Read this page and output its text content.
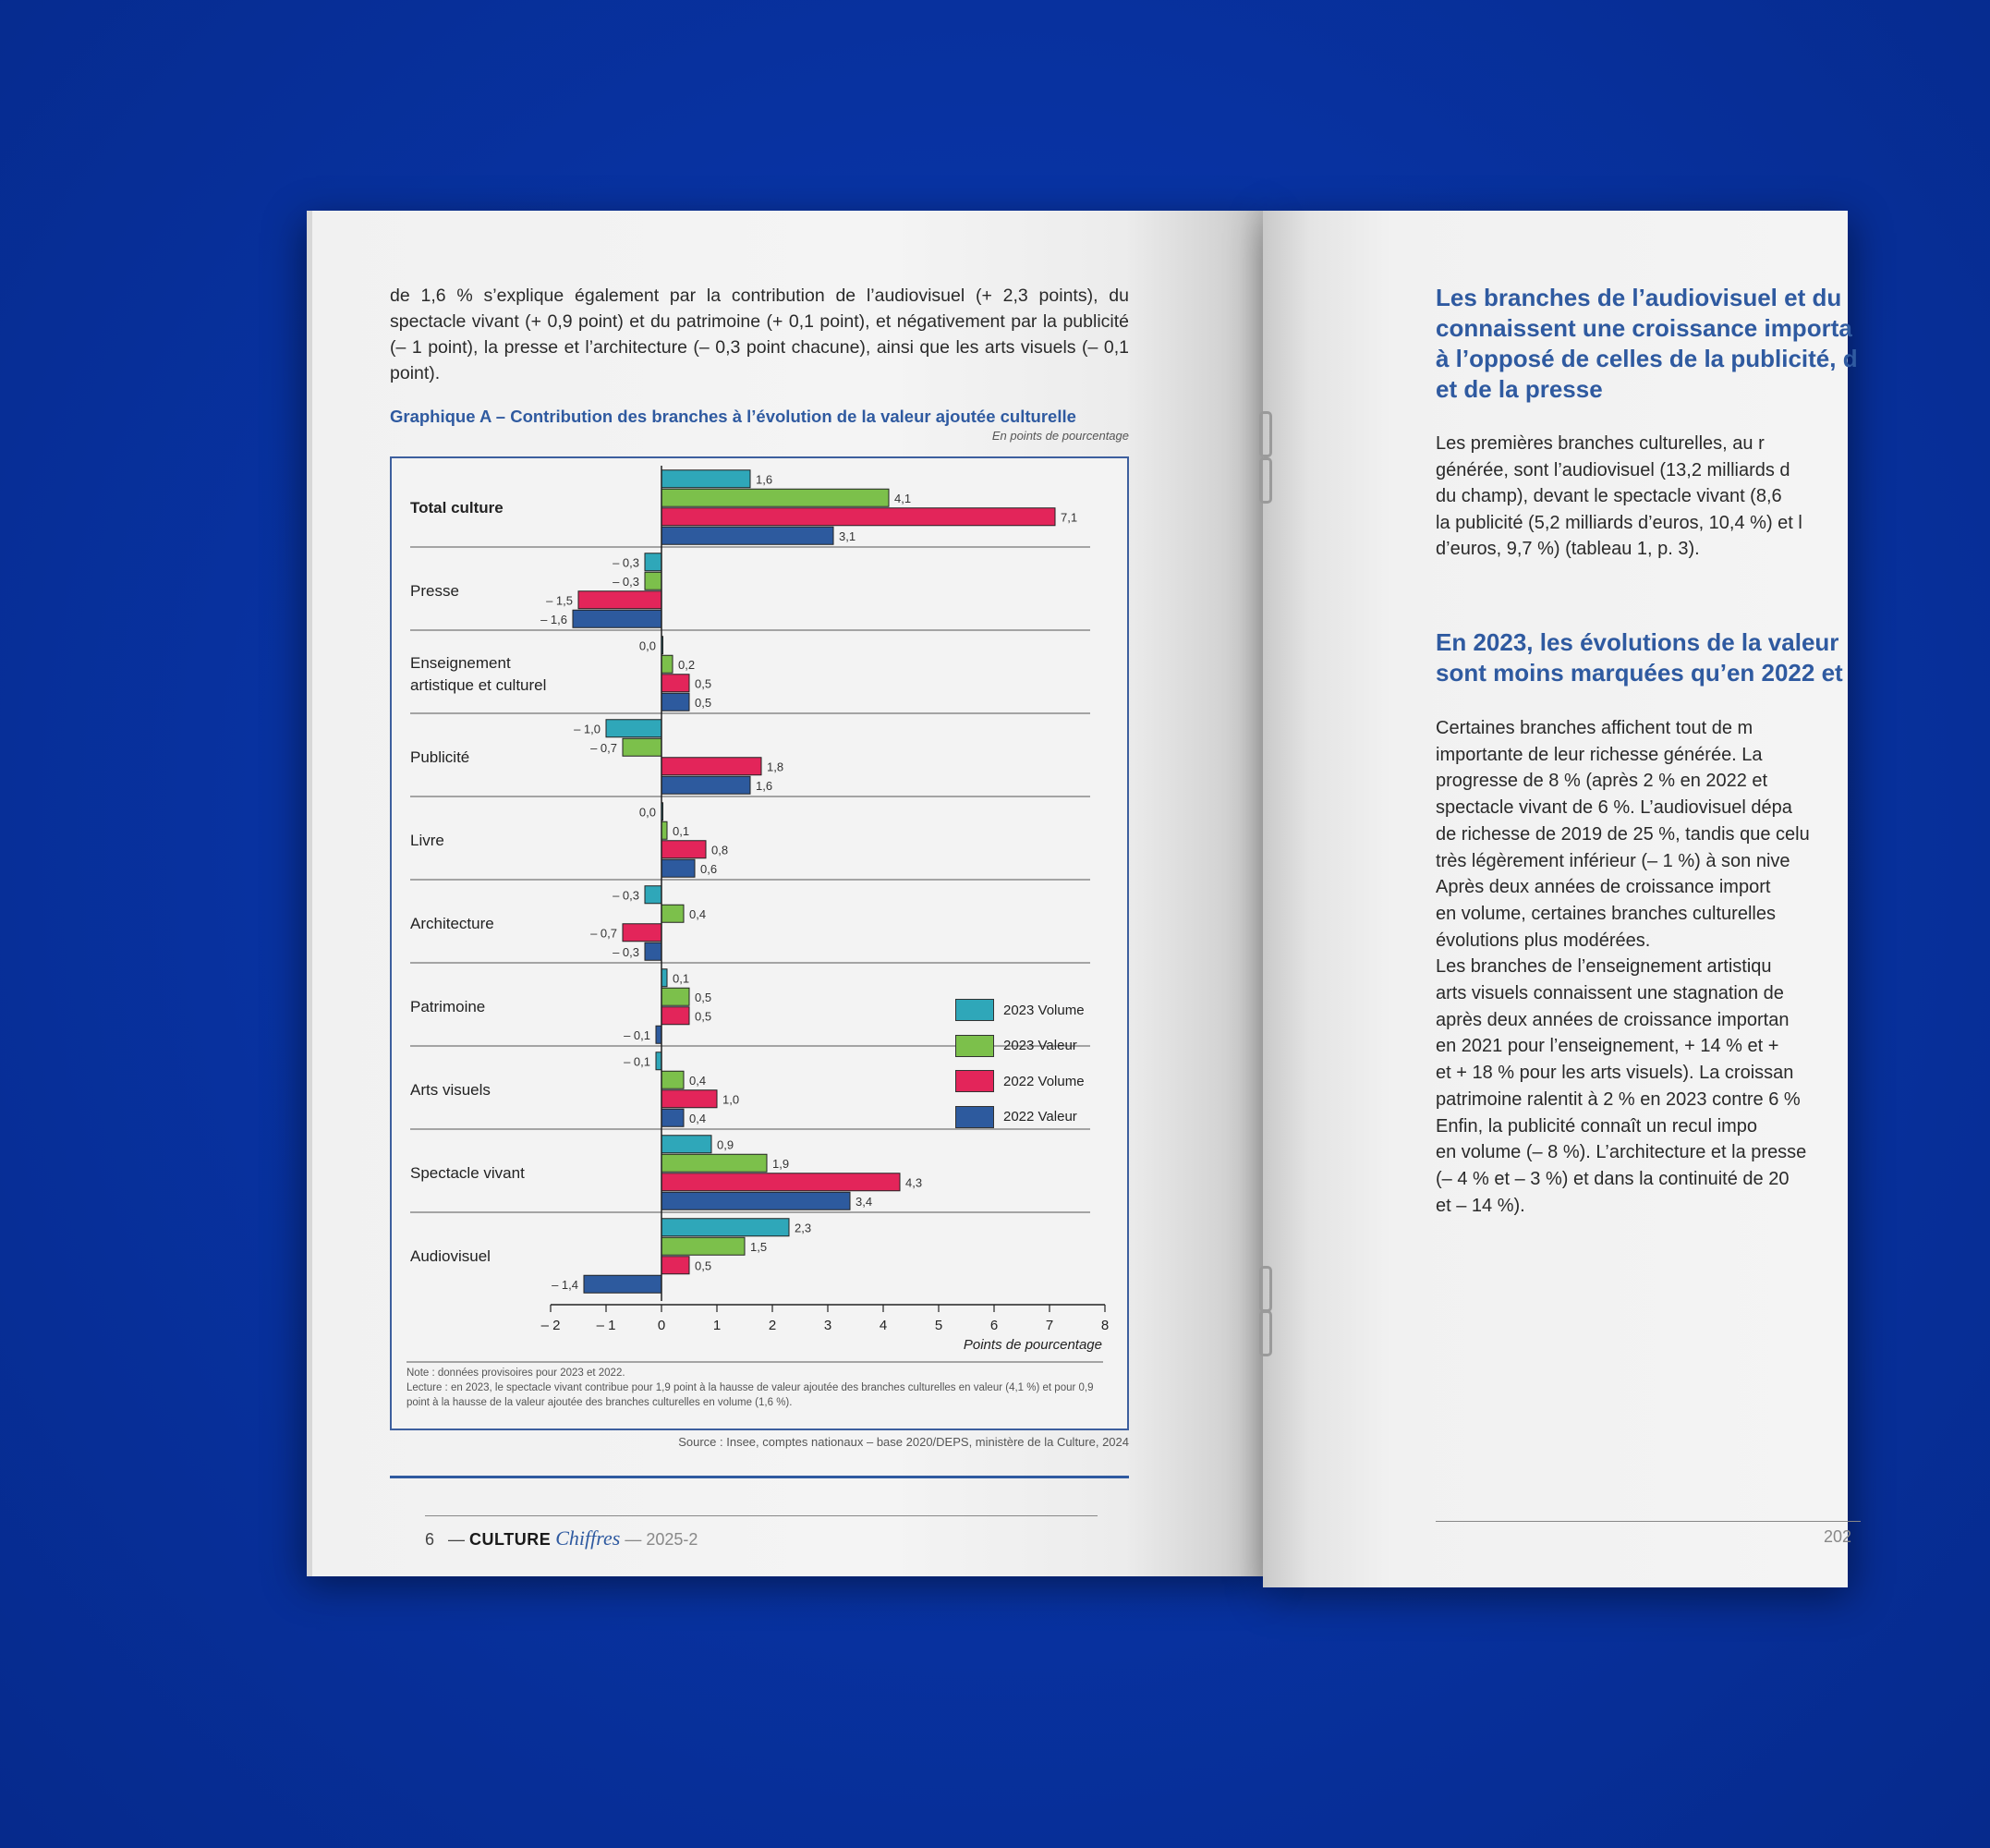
de 1,6 % s’explique également par la contribution de l’audiovisuel (+ 2,3 points), du spectacle vivant (+ 0,9 point) et du patrimoine (+ 0,1 point), et négativement par la publicité (– 1 point), la presse et l’architecture (– 0,3 point chacune), ainsi que les arts visuels (– 0,1 point).
Graphique A – Contribution des branches à l’évolution de la valeur ajoutée culturelle
En points de pourcentage
Total culture
1,6
4,1
7,1
3,1
Presse
– 0,3
– 0,3
– 1,5
– 1,6
Enseignement
artistique et culturel
0,0
0,2
0,5
0,5
Publicité
– 1,0
– 0,7
1,8
1,6
Livre
0,0
0,1
0,8
0,6
Architecture
– 0,3
0,4
– 0,7
– 0,3
Patrimoine
0,1
0,5
0,5
– 0,1
Arts visuels
– 0,1
0,4
1,0
0,4
Spectacle vivant
0,9
1,9
4,3
3,4
Audiovisuel
2,3
1,5
0,5
– 1,4
– 2	– 1	0	1	2	3	4	5	6	7	8
Points de pourcentage
2023 Volume
2023 Valeur
2022 Volume
2022 Valeur
Note : données provisoires pour 2023 et 2022.
Lecture : en 2023, le spectacle vivant contribue pour 1,9 point à la hausse de valeur ajoutée des branches culturelles en valeur (4,1 %) et pour 0,9 point à la hausse de la valeur ajoutée des branches culturelles en volume (1,6 %).
Source : Insee, comptes nationaux – base 2020/DEPS, ministère de la Culture, 2024
6 — CULTURE Chiffres — 2025-2
Les branches de l’audiovisuel et du
connaissent une croissance importa
à l’opposé de celles de la publicité, d
et de la presse
Les premières branches culturelles, au r
générée, sont l’audiovisuel (13,2 milliards d
du champ), devant le spectacle vivant (8,6
la publicité (5,2 milliards d’euros, 10,4 %) et l
d’euros, 9,7 %) (tableau 1, p. 3).
En 2023, les évolutions de la valeur
sont moins marquées qu’en 2022 et
Certaines branches affichent tout de m
importante de leur richesse générée. La
progresse de 8 % (après 2 % en 2022 et
spectacle vivant de 6 %. L’audiovisuel dépa
de richesse de 2019 de 25 %, tandis que celu
très légèrement inférieur (– 1 %) à son nive
Après deux années de croissance import
en volume, certaines branches culturelles
évolutions plus modérées.
Les branches de l’enseignement artistiqu
arts visuels connaissent une stagnation de
après deux années de croissance importan
en 2021 pour l’enseignement, + 14 % et +
et + 18 % pour les arts visuels). La croissan
patrimoine ralentit à 2 % en 2023 contre 6 %
Enfin, la publicité connaît un recul impo
en volume (– 8 %). L’architecture et la presse
(– 4 % et – 3 %) et dans la continuité de 20
et – 14 %).
202
